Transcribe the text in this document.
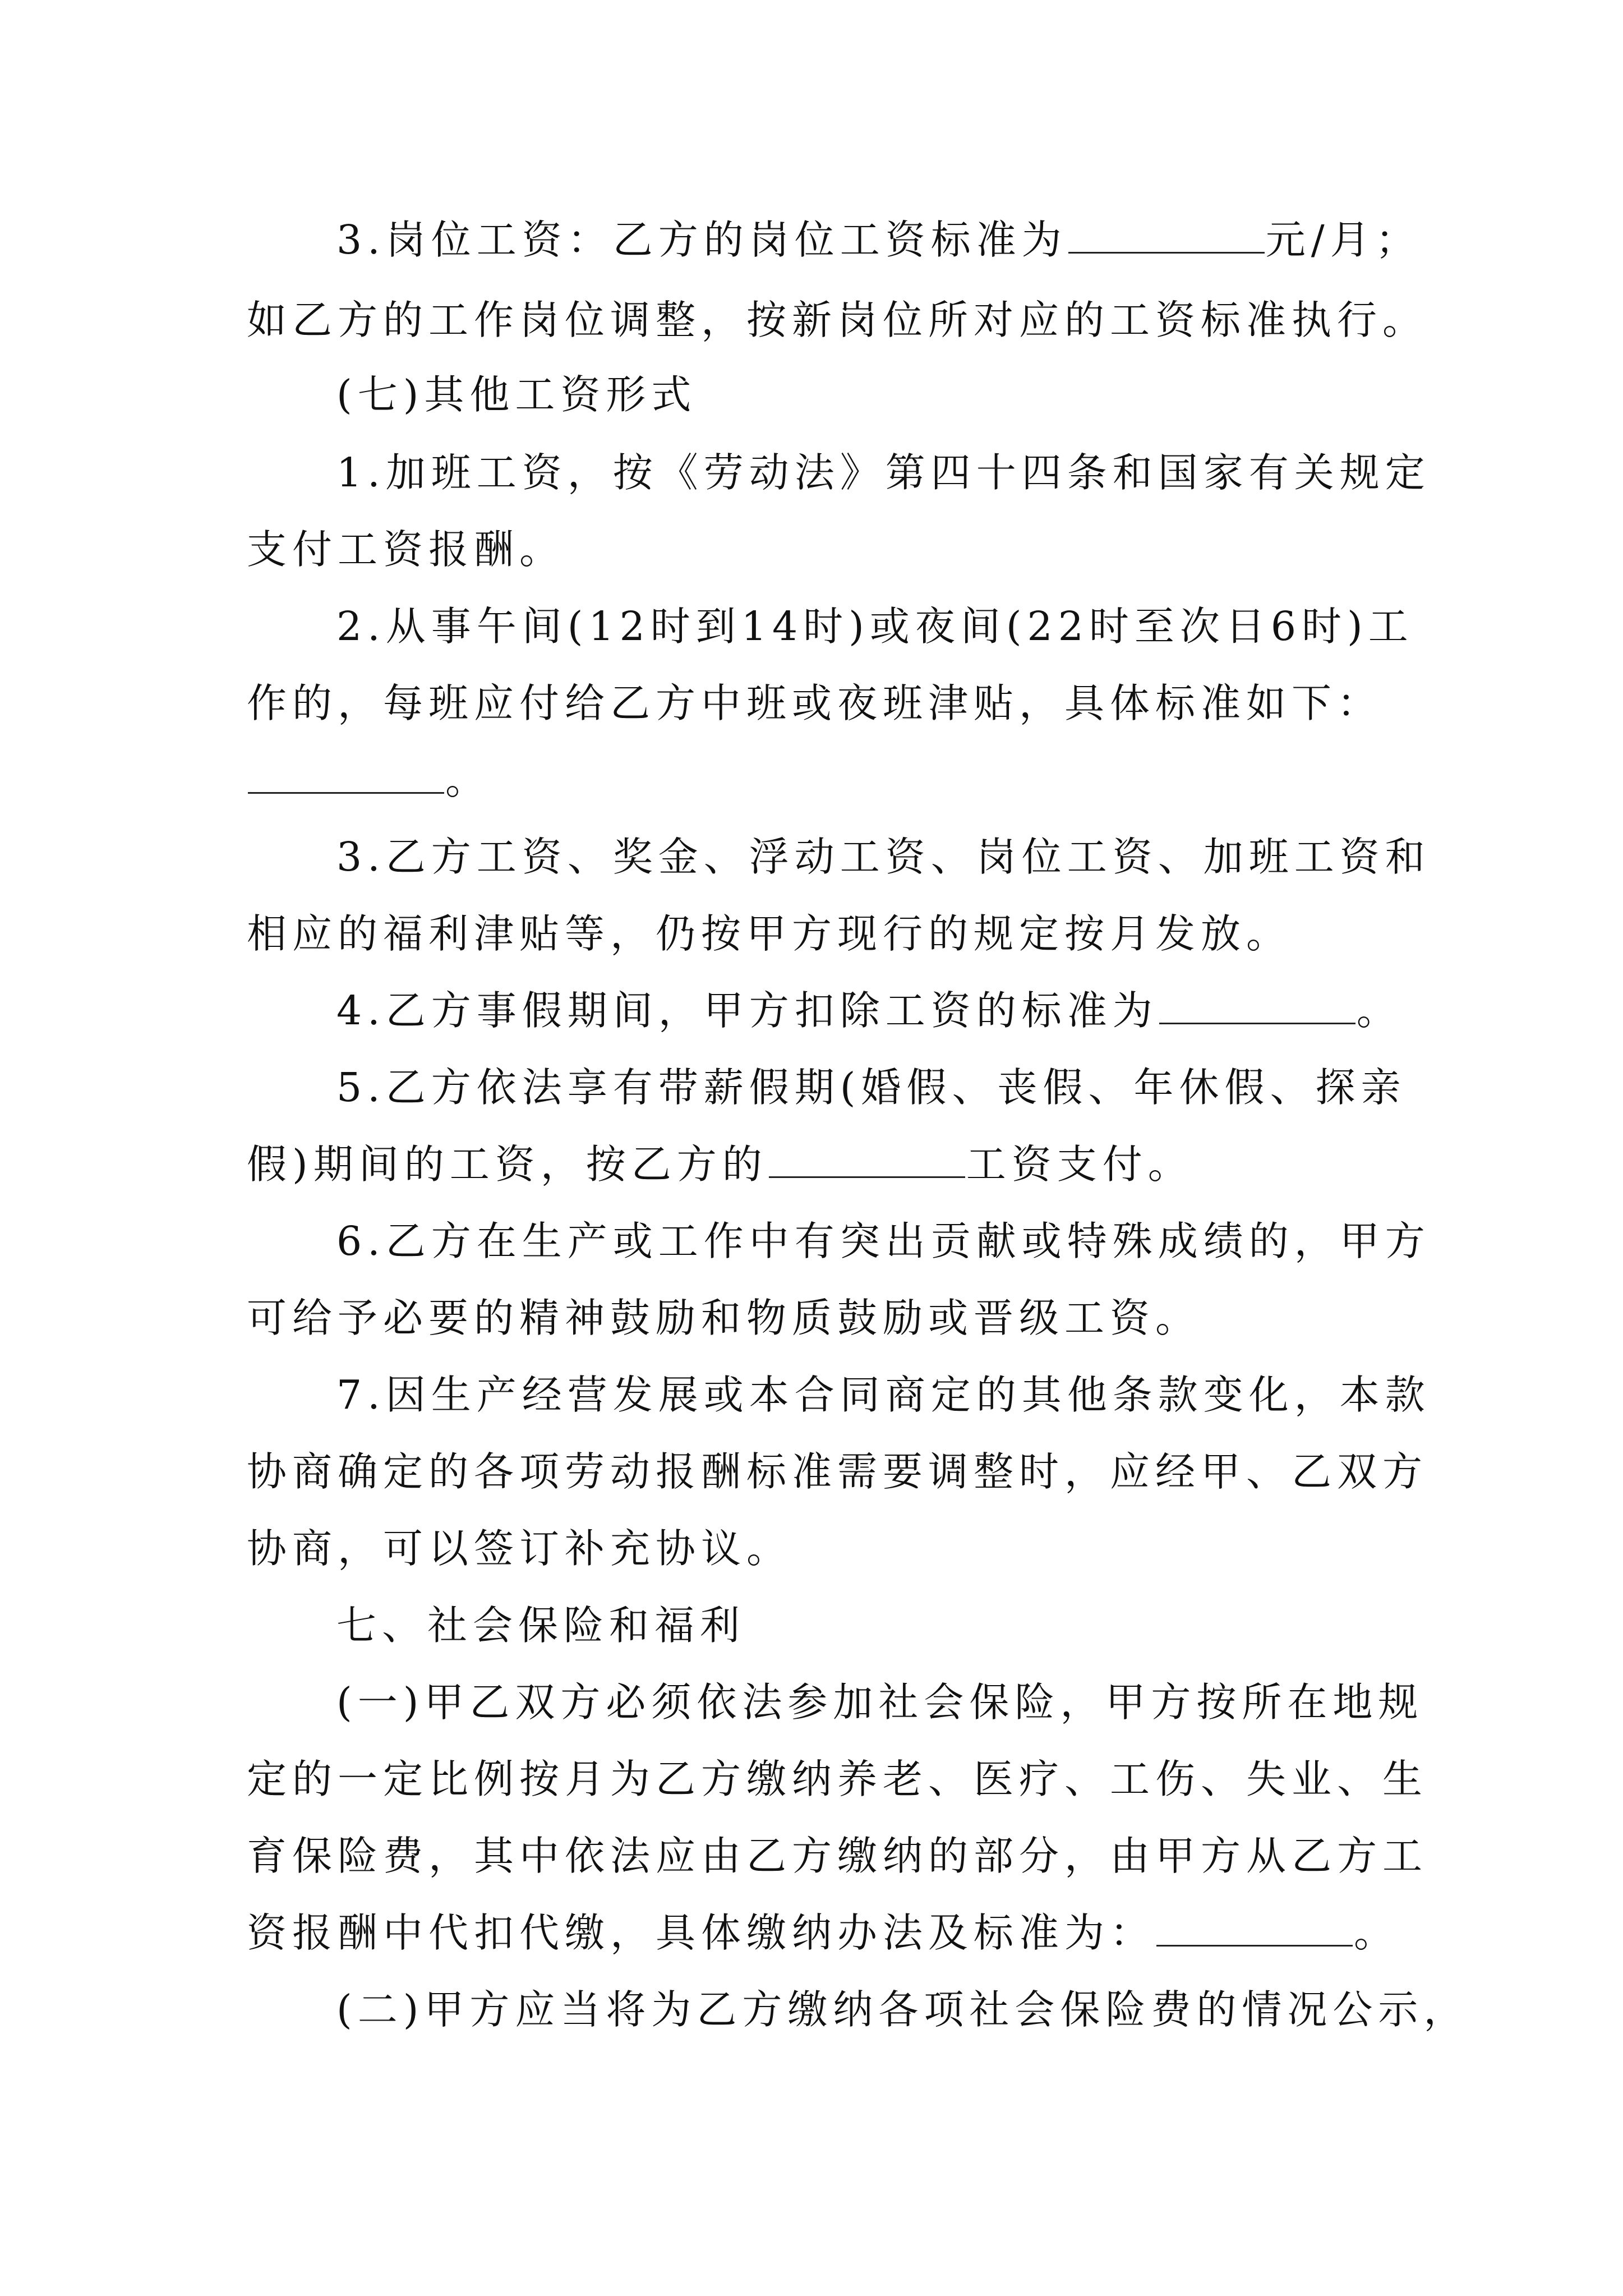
3.岗位工资：乙方的岗位工资标准为	元/月；
如乙方的工作岗位调整，按新岗位所对应的工资标准执行。
(七)其他工资形式
1.加班工资，按《劳动法》第四十四条和国家有关规定
支付工资报酬。
2.从事午间(12时到14时)或夜间(22时至次日6时)工
作的，每班应付给乙方中班或夜班津贴，具体标准如下：
。
3.乙方工资、奖金、浮动工资、岗位工资、加班工资和
相应的福利津贴等，仍按甲方现行的规定按月发放。
4.乙方事假期间，甲方扣除工资的标准为	。
5.乙方依法享有带薪假期(婚假、丧假、年休假、探亲
假)期间的工资，按乙方的	工资支付。
6.乙方在生产或工作中有突出贡献或特殊成绩的，甲方
可给予必要的精神鼓励和物质鼓励或晋级工资。
7.因生产经营发展或本合同商定的其他条款变化，本款
协商确定的各项劳动报酬标准需要调整时，应经甲、乙双方
协商，可以签订补充协议。
七、社会保险和福利
(一)甲乙双方必须依法参加社会保险，甲方按所在地规
定的一定比例按月为乙方缴纳养老、医疗、工伤、失业、生
育保险费，其中依法应由乙方缴纳的部分，由甲方从乙方工
资报酬中代扣代缴，具体缴纳办法及标准为：	。
(二)甲方应当将为乙方缴纳各项社会保险费的情况公示，
